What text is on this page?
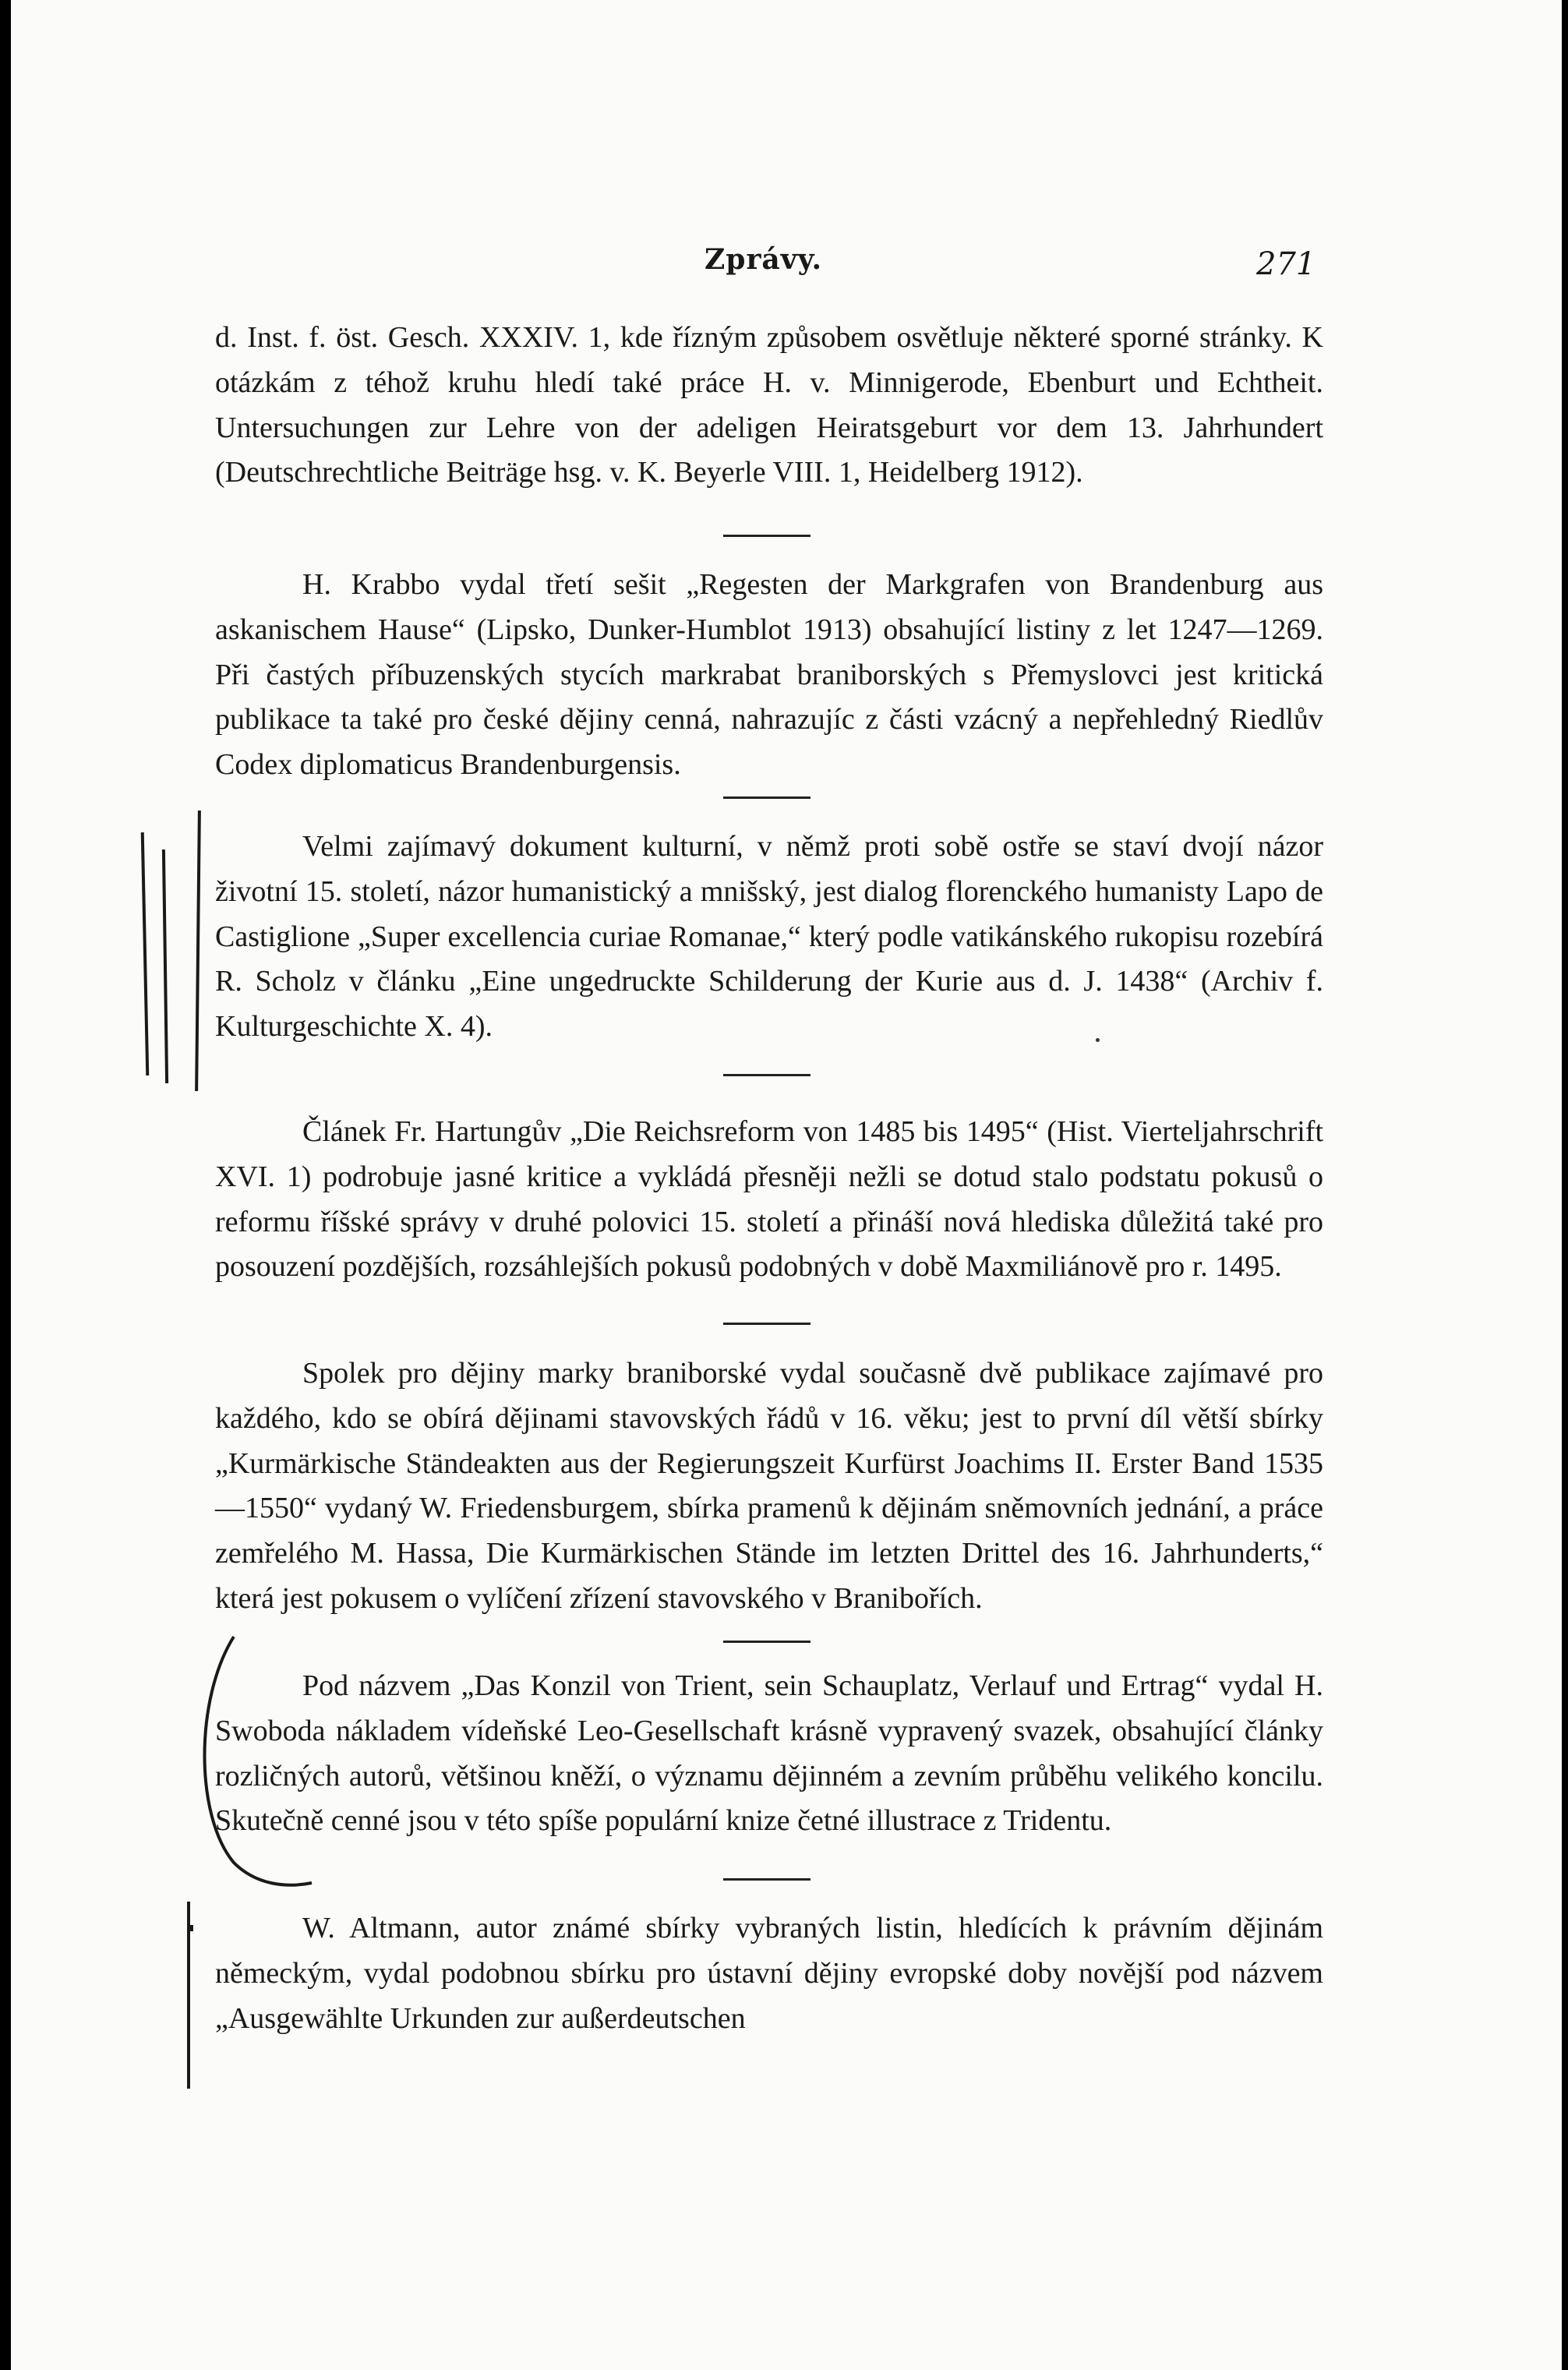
Zprávy.	271

d. Inst. f. öst. Gesch. XXXIV. 1, kde řízným způsobem osvětluje některé sporné stránky. K otázkám z téhož kruhu hledí také práce H. v. Minnigerode, Ebenburt und Echtheit. Untersuchungen zur Lehre von der adeligen Heiratsgeburt vor dem 13. Jahrhundert (Deutschrechtliche Beiträge hsg. v. K. Beyerle VIII. 1, Heidelberg 1912).

H. Krabbo vydal třetí sešit „Regesten der Markgrafen von Brandenburg aus askanischem Hause“ (Lipsko, Dunker-Humblot 1913) obsahující listiny z let 1247—1269. Při častých příbuzenských stycích markrabat braniborských s Přemyslovci jest kritická publikace ta také pro české dějiny cenná, nahrazujíc z části vzácný a nepřehledný Riedlův Codex diplomaticus Brandenburgensis.

Velmi zajímavý dokument kulturní, v němž proti sobě ostře se staví dvojí názor životní 15. století, názor humanistický a mnišský, jest dialog florenckého humanisty Lapo de Castiglione „Super excellencia curiae Romanae,“ který podle vatikánského rukopisu rozebírá R. Scholz v článku „Eine ungedruckte Schilderung der Kurie aus d. J. 1438“ (Archiv f. Kulturgeschichte X. 4).

Článek Fr. Hartungův „Die Reichsreform von 1485 bis 1495“ (Hist. Vierteljahrschrift XVI. 1) podrobuje jasné kritice a vykládá přesněji nežli se dotud stalo podstatu pokusů o reformu říšské správy v druhé polovici 15. století a přináší nová hlediska důležitá také pro posouzení pozdějších, rozsáhlejších pokusů podobných v době Maxmiliánově pro r. 1495.

Spolek pro dějiny marky braniborské vydal současně dvě publikace zajímavé pro každého, kdo se obírá dějinami stavovských řádů v 16. věku; jest to první díl větší sbírky „Kurmärkische Ständeakten aus der Regierungszeit Kurfürst Joachims II. Erster Band 1535—1550“ vydaný W. Friedensburgem, sbírka pramenů k dějinám sněmovních jednání, a práce zemřelého M. Hassa, Die Kurmärkischen Stände im letzten Drittel des 16. Jahrhunderts,“ která jest pokusem o vylíčení zřízení stavovského v Branibořích.

Pod názvem „Das Konzil von Trient, sein Schauplatz, Verlauf und Ertrag“ vydal H. Swoboda nákladem vídeňské Leo-Gesellschaft krásně vypravený svazek, obsahující články rozličných autorů, většinou kněží, o významu dějinném a zevním průběhu velikého koncilu. Skutečně cenné jsou v této spíše populární knize četné illustrace z Tridentu.

W. Altmann, autor známé sbírky vybraných listin, hledících k právním dějinám německým, vydal podobnou sbírku pro ústavní dějiny evropské doby novější pod názvem „Ausgewählte Urkunden zur außerdeutschen
